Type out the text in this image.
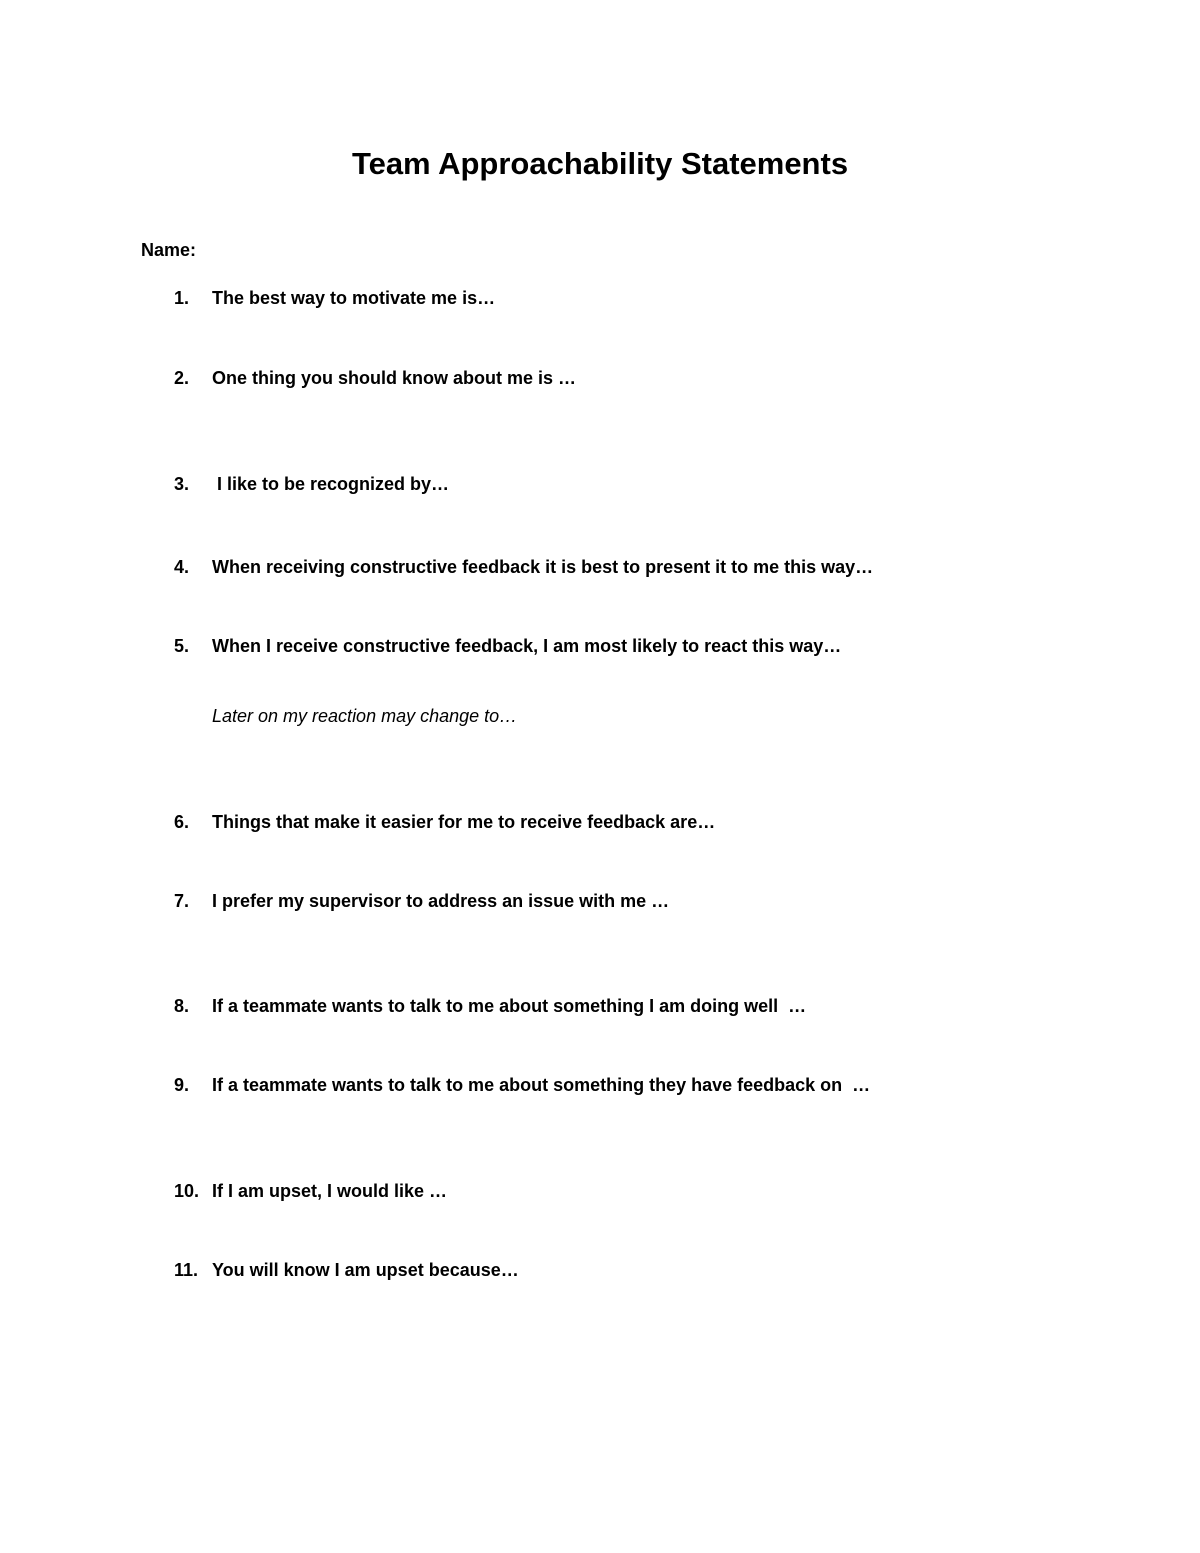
Team Approachability Statements

Name:

1. The best way to motivate me is…
2. One thing you should know about me is …
3. I like to be recognized by…
4. When receiving constructive feedback it is best to present it to me this way…
5. When I receive constructive feedback, I am most likely to react this way…
Later on my reaction may change to…
6. Things that make it easier for me to receive feedback are…
7. I prefer my supervisor to address an issue with me …
8. If a teammate wants to talk to me about something I am doing well  …
9. If a teammate wants to talk to me about something they have feedback on  …
10. If I am upset, I would like …
11. You will know I am upset because…
